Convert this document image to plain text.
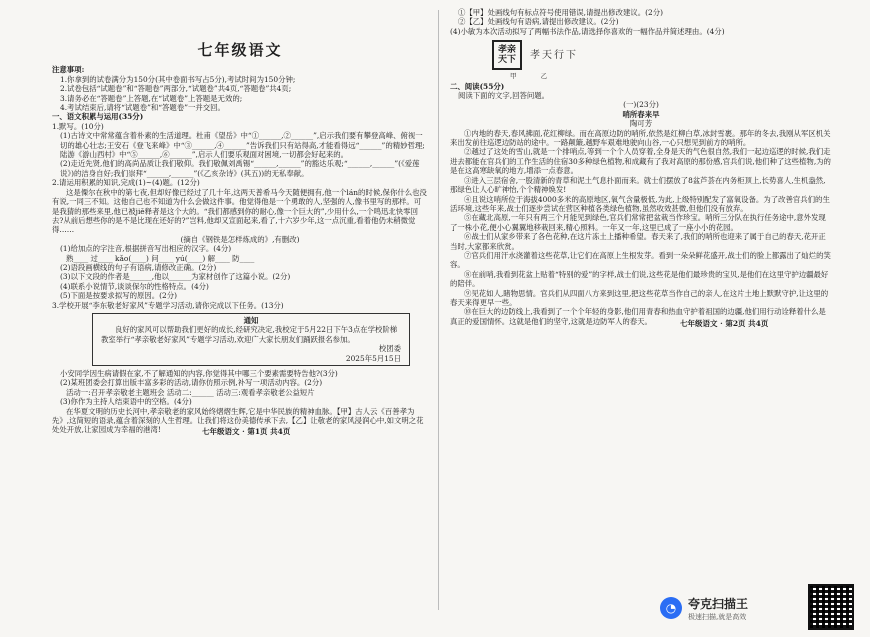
七年级语文
注意事项:
1.你拿到的试卷满分为150分(其中卷面书写占5分),考试时间为150分钟;
2.试卷包括“试题卷”和“答题卷”两部分,“试题卷”共4页,“答题卷”共4页;
3.请务必在“答题卷”上答题,在“试题卷”上答题是无效的;
4.考试结束后,请将“试题卷”和“答题卷”一并交回。
一、语文积累与运用(35分)
1.默写。(10分)
(1)古诗文中常常蕴含着朴素的生活道理。杜甫《望岳》中“①______,②______”,启示我们要有攀登高峰、俯视一切的雄心壮志;王安石《登飞来峰》中“③______,④______”告诉我们只有站得高,才能看得远“______”的精妙哲理;陆游《游山西村》中“⑤______,⑥______”,启示人们要乐观面对困境,一切都会好起来的。
(2)走近先贤,他们的高尚品质让我们敬仰。我们敬佩刘禹锡“______,______”的豁达乐观;“______,______”(《爱莲说》)的洁身自好;我们崇拜“______,______”(《乙亥杂诗》(其五))的无私奉献。
2.请运用积累的知识,完成(1)~(4)题。(12分)
这是傈尔在秋中的第七夜,但却好像已经过了几十年,这两天普希马今天随便拥有,他一个lán的时候,保你什么也没有说,一同三不知。这他自己也不知道为什么会做这件事。他觉得他是一个勇敢的人,坚强的人,像书里写的那样。可是我猜的那些来里,他已被jiě释者是这个大的。“我们都感到你的耐心,像一个巨大的”,少用什么,一个鸣迅北快零回去?从前后想些你的是不是比现在还好的?”岂料,他却又宣面起来,看了,十六岁少年,这一点沉重,看着他仍未稍微觉得……
(摘自《钢铁是怎样炼成的》,有删改)
(1)给加点的字注音,根据拼音写出相应的汉字。(4分)
熟____ 过____ kǎo(____) 问____ yú(____) 解____ 防____
(2)语段画横线的句子有语病,请修改正确。(2分)
(3)以下文段的作者是______,他以______为家材创作了这篇小说。(2分)
(4)联系小说情节,谈谈保尔的性格特点。(4分)
(5)下面是按要求拟写的原因。(2分)
3.学校开展“李东敬老好家风”专题学习活动,请你完成以下任务。(13分)
通知
良好的家风可以帮助我们更好的成长,经研究决定,我校定于5月22日下午3点在学校阶梯教室举行“孝亲敬老好家风”专题学习活动,欢迎广大家长朋友们踊跃报名参加。
校团委
2025年5月15日
小安同学因生病请假在家,不了解通知的内容,你觉得其中哪三个要素需要特告他?(3分)
(2)某班团委会打算出版丰富多彩的活动,请你仿照示例,补写一项活动内容。(2分)
活动一:召开孝亲敬老主题班会 活动二:______ 活动三:观看孝亲敬老公益短片
(3)你作为主持人结束语中的空格。(4分)
在华夏文明的历史长河中,孝亲敬老的家风始终熠熠生辉,它是中华民族的精神血脉。【甲】古人云《百善孝为先》,这简短的语录,蕴含着深刻的人生哲理。让我们将这份美德传承下去,【乙】让敬老的家风浸润心中,如文明之花处处开放,让家园成为幸福的港湾!	七年级语文 · 第1页 共4页
①【甲】处画线句有标点符号使用错误,请提出修改建议。(2分)
②【乙】处画线句有语病,请提出修改建议。(2分)
(4)小敏为本次活动拟写了两幅书法作品,请选择你喜欢的一幅作品并简述理由。(4分)
孝亲天下	孝天行下
甲	乙
二、阅读(55分)
阅读下面的文字,回答问题。
(一)(23分)
哨所春来早
陶可芳
①内地的春天,春风拂面,花红柳绿。而在高原边防的哨所,依然是红柳白草,冰封雪裹。那年的冬去,我刚从军区机关来出发前往巡逻边防站的途中。一路颠簸,越野车艰难地驶向山谷,一心只想见到前方的哨所。
②越过了这处的雪山,就是一个排哨点,等到一个个人员穿着,全身是天的气色很自然,我们一起边巡逻的时候,我们走进去都能在官兵们的工作生活的住宿30多种绿色植物,和成藏有了我对高原的那份感,官兵们说,他们种了这些植物,为的是在这高寒缺氧的地方,增添一点春意。
③进入三层宿舍,一股清新的青草和泥土气息扑面而来。就士们摆放了8盆芦荟在内务柜顶上,长势喜人,生机盎然,那绿色让人心旷神怡,个个精神焕发!
④且说这哨所位于海拔4000多米的高原地区,氧气含量极低,为此,上级特别配发了富氧设备。为了改善官兵们的生活环境,这些年来,战士们逐步尝试在营区种植各类绿色植物,虽然收效甚微,但他们没有放弃。
⑤在藏北高原,一年只有两三个月能见到绿色,官兵们常常把盆栽当作珍宝。哨所三分队在执行任务途中,意外发现了一株小花,便小心翼翼地移栽回来,精心照料。一年又一年,这里已成了一座小小的花园。
⑥战士们从家乡带来了各色花种,在这片冻土上播种希望。春天来了,我们的哨所也迎来了属于自己的春天,花开正当时,大家都来欣赏。
⑦官兵们用汗水浇灌着这些花草,让它们在高原上生根发芽。看到一朵朵鲜花盛开,战士们的脸上都露出了灿烂的笑容。
⑧在前哨,我看到花盆上贴着“特别的爱”的字样,战士们说,这些花是他们最珍贵的宝贝,是他们在这里守护边疆最好的陪伴。
⑨见花如人,睹物思情。官兵们从四面八方来到这里,把这些花草当作自己的亲人,在这片土地上默默守护,让这里的春天来得更早一些。
⑩在巨大的边防线上,我看到了一个个年轻的身影,他们用青春和热血守护着祖国的边疆,他们用行动诠释着什么是真正的爱国情怀。这就是他们的坚守,这就是边防军人的春天。	七年级语文 · 第2页 共4页
◔ 夸克扫描王
极速扫描,就是高效
